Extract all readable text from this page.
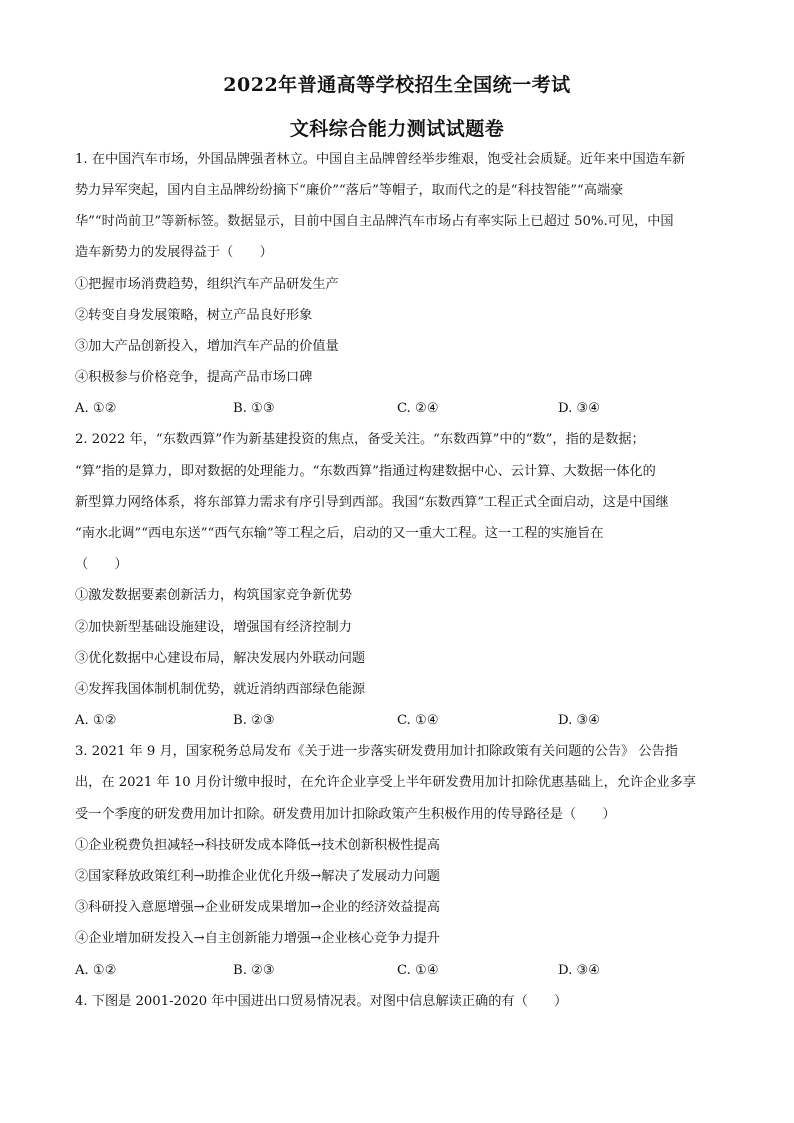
2022年普通高等学校招生全国统一考试
文科综合能力测试试题卷
1. 在中国汽车市场，外国品牌强者林立。中国自主品牌曾经举步维艰，饱受社会质疑。近年来中国造车新
势力异军突起，国内自主品牌纷纷摘下“廉价”“落后”等帽子，取而代之的是“科技智能”“高端豪
华”“时尚前卫”等新标签。数据显示，目前中国自主品牌汽车市场占有率实际上已超过 50%.可见，中国
造车新势力的发展得益于（　　）
①把握市场消费趋势，组织汽车产品研发生产
②转变自身发展策略，树立产品良好形象
③加大产品创新投入，增加汽车产品的价值量
④积极参与价格竞争，提高产品市场口碑
A. ①②	B. ①③	C. ②④	D. ③④
2. 2022 年，“东数西算”作为新基建投资的焦点，备受关注。“东数西算”中的“数”，指的是数据；
“算”指的是算力，即对数据的处理能力。“东数西算”指通过构建数据中心、云计算、大数据一体化的
新型算力网络体系，将东部算力需求有序引导到西部。我国“东数西算”工程正式全面启动，这是中国继
“南水北调”“西电东送”“西气东输”等工程之后，启动的又一重大工程。这一工程的实施旨在
（　　）
①激发数据要素创新活力，构筑国家竞争新优势
②加快新型基础设施建设，增强国有经济控制力
③优化数据中心建设布局，解决发展内外联动问题
④发挥我国体制机制优势，就近消纳西部绿色能源
A. ①②	B. ②③	C. ①④	D. ③④
3. 2021 年 9 月，国家税务总局发布《关于进一步落实研发费用加计扣除政策有关问题的公告》 公告指
出，在 2021 年 10 月份计缴申报时，在允许企业享受上半年研发费用加计扣除优惠基础上，允许企业多享
受一个季度的研发费用加计扣除。研发费用加计扣除政策产生积极作用的传导路径是（　　）
①企业税费负担减轻→科技研发成本降低→技术创新积极性提高
②国家释放政策红利→助推企业优化升级→解决了发展动力问题
③科研投入意愿增强→企业研发成果增加→企业的经济效益提高
④企业增加研发投入→自主创新能力增强→企业核心竞争力提升
A. ①②	B. ②③	C. ①④	D. ③④
4. 下图是 2001-2020 年中国进出口贸易情况表。对图中信息解读正确的有（　　）
